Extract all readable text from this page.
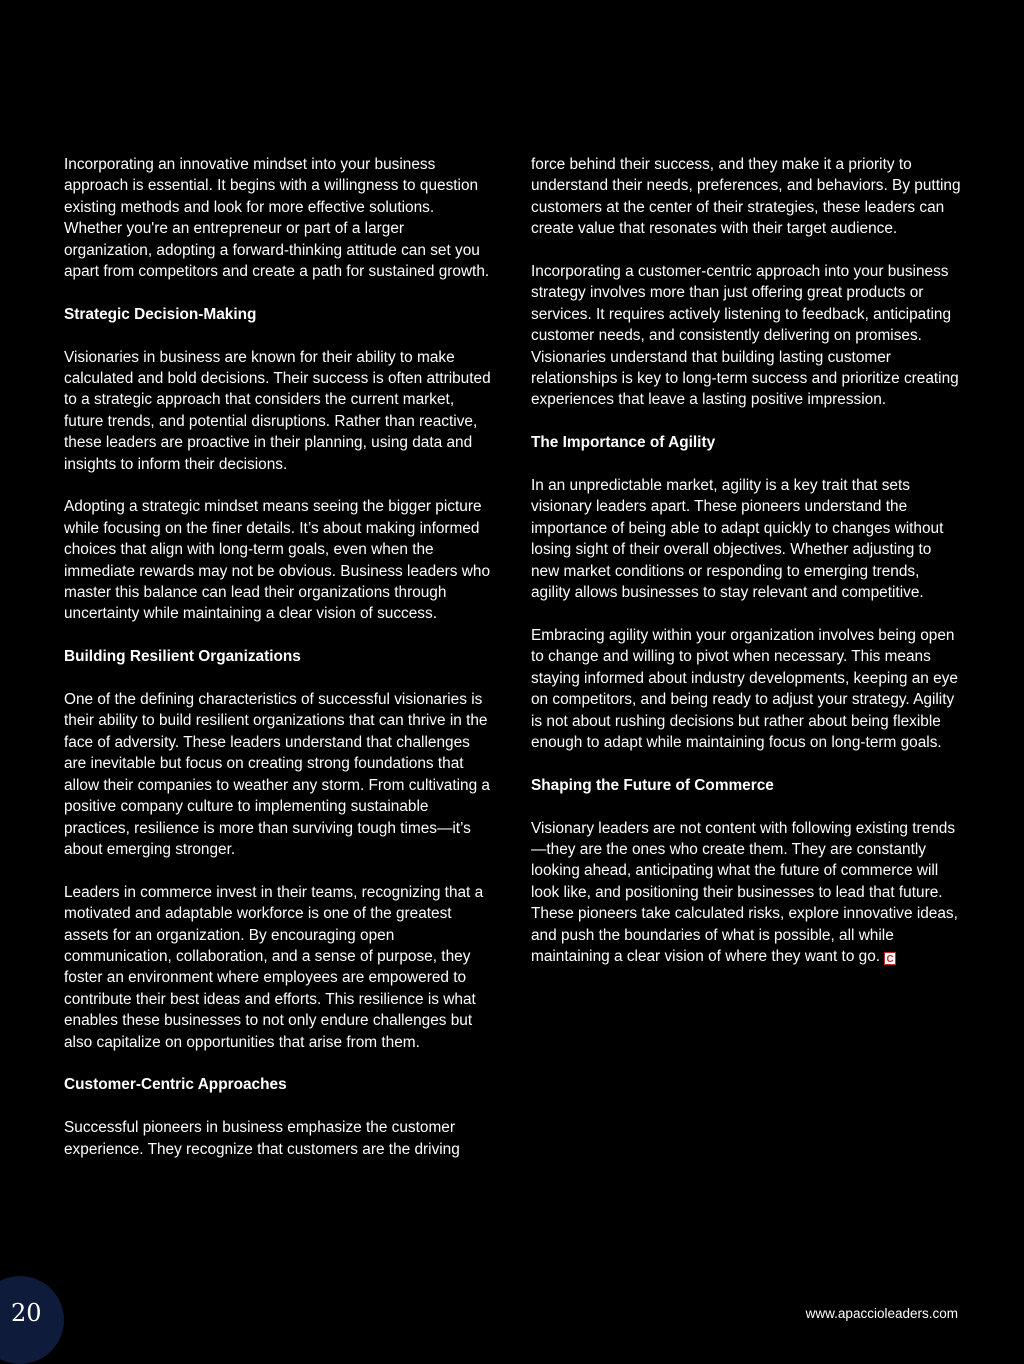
Incorporating an innovative mindset into your business approach is essential. It begins with a willingness to question existing methods and look for more effective solutions. Whether you're an entrepreneur or part of a larger organization, adopting a forward-thinking attitude can set you apart from competitors and create a path for sustained growth.

Strategic Decision-Making

Visionaries in business are known for their ability to make calculated and bold decisions. Their success is often attributed to a strategic approach that considers the current market, future trends, and potential disruptions. Rather than reactive, these leaders are proactive in their planning, using data and insights to inform their decisions.

Adopting a strategic mindset means seeing the bigger picture while focusing on the finer details. It’s about making informed choices that align with long-term goals, even when the immediate rewards may not be obvious. Business leaders who master this balance can lead their organizations through uncertainty while maintaining a clear vision of success.

Building Resilient Organizations

One of the defining characteristics of successful visionaries is their ability to build resilient organizations that can thrive in the face of adversity. These leaders understand that challenges are inevitable but focus on creating strong foundations that allow their companies to weather any storm. From cultivating a positive company culture to implementing sustainable practices, resilience is more than surviving tough times—it’s about emerging stronger.

Leaders in commerce invest in their teams, recognizing that a motivated and adaptable workforce is one of the greatest assets for an organization. By encouraging open communication, collaboration, and a sense of purpose, they foster an environment where employees are empowered to contribute their best ideas and efforts. This resilience is what enables these businesses to not only endure challenges but also capitalize on opportunities that arise from them.

Customer-Centric Approaches

Successful pioneers in business emphasize the customer experience. They recognize that customers are the driving

force behind their success, and they make it a priority to understand their needs, preferences, and behaviors. By putting customers at the center of their strategies, these leaders can create value that resonates with their target audience.

Incorporating a customer-centric approach into your business strategy involves more than just offering great products or services. It requires actively listening to feedback, anticipating customer needs, and consistently delivering on promises. Visionaries understand that building lasting customer relationships is key to long-term success and prioritize creating experiences that leave a lasting positive impression.

The Importance of Agility

In an unpredictable market, agility is a key trait that sets visionary leaders apart. These pioneers understand the importance of being able to adapt quickly to changes without losing sight of their overall objectives. Whether adjusting to new market conditions or responding to emerging trends, agility allows businesses to stay relevant and competitive.

Embracing agility within your organization involves being open to change and willing to pivot when necessary. This means staying informed about industry developments, keeping an eye on competitors, and being ready to adjust your strategy. Agility is not about rushing decisions but rather about being flexible enough to adapt while maintaining focus on long-term goals.

Shaping the Future of Commerce

Visionary leaders are not content with following existing trends—they are the ones who create them. They are constantly looking ahead, anticipating what the future of commerce will look like, and positioning their businesses to lead that future. These pioneers take calculated risks, explore innovative ideas, and push the boundaries of what is possible, all while maintaining a clear vision of where they want to go. C

20	www.apaccioleaders.com
